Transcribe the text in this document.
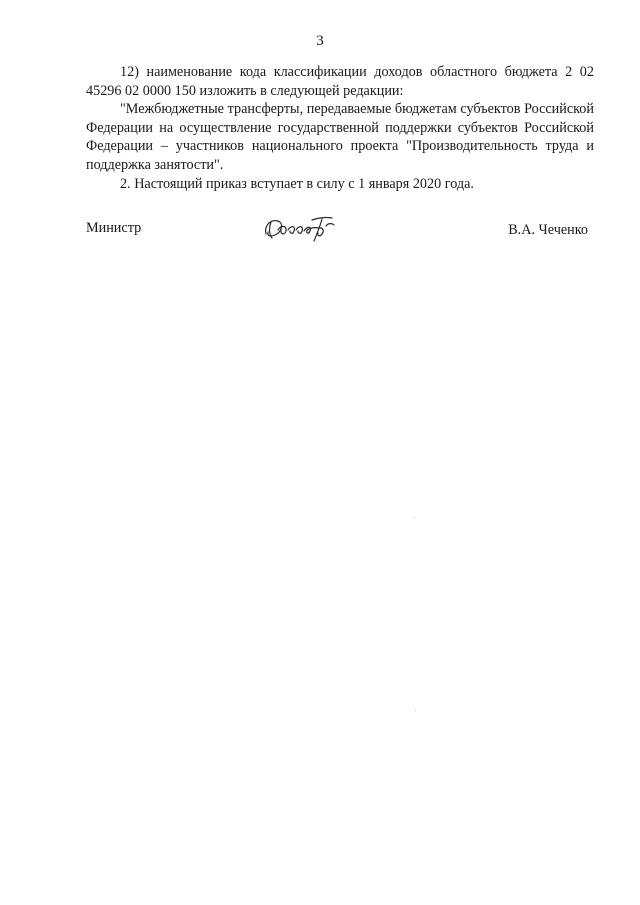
3

12) наименование кода классификации доходов областного бюджета 2 02 45296 02 0000 150 изложить в следующей редакции:

"Межбюджетные трансферты, передаваемые бюджетам субъектов Российской Федерации на осуществление государственной поддержки субъектов Российской Федерации – участников национального проекта "Производительность труда и поддержка занятости".

2. Настоящий приказ вступает в силу с 1 января 2020 года.

Министр	В.А. Чеченко
